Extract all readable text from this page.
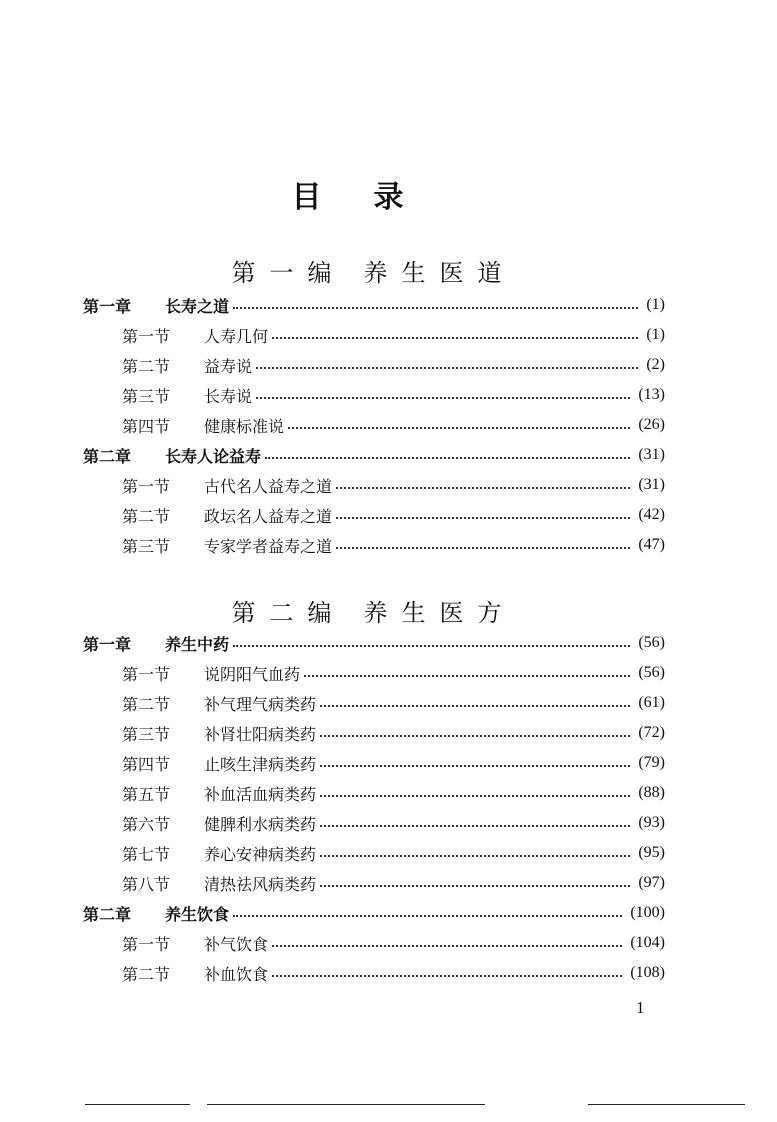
目录
第一编 养生医道
第一章	长寿之道	(1)
第一节	人寿几何	(1)
第二节	益寿说	(2)
第三节	长寿说	(13)
第四节	健康标准说	(26)
第二章	长寿人论益寿	(31)
第一节	古代名人益寿之道	(31)
第二节	政坛名人益寿之道	(42)
第三节	专家学者益寿之道	(47)
第二编 养生医方
第一章	养生中药	(56)
第一节	说阴阳气血药	(56)
第二节	补气理气病类药	(61)
第三节	补肾壮阳病类药	(72)
第四节	止咳生津病类药	(79)
第五节	补血活血病类药	(88)
第六节	健脾利水病类药	(93)
第七节	养心安神病类药	(95)
第八节	清热祛风病类药	(97)
第二章	养生饮食	(100)
第一节	补气饮食	(104)
第二节	补血饮食	(108)
1
